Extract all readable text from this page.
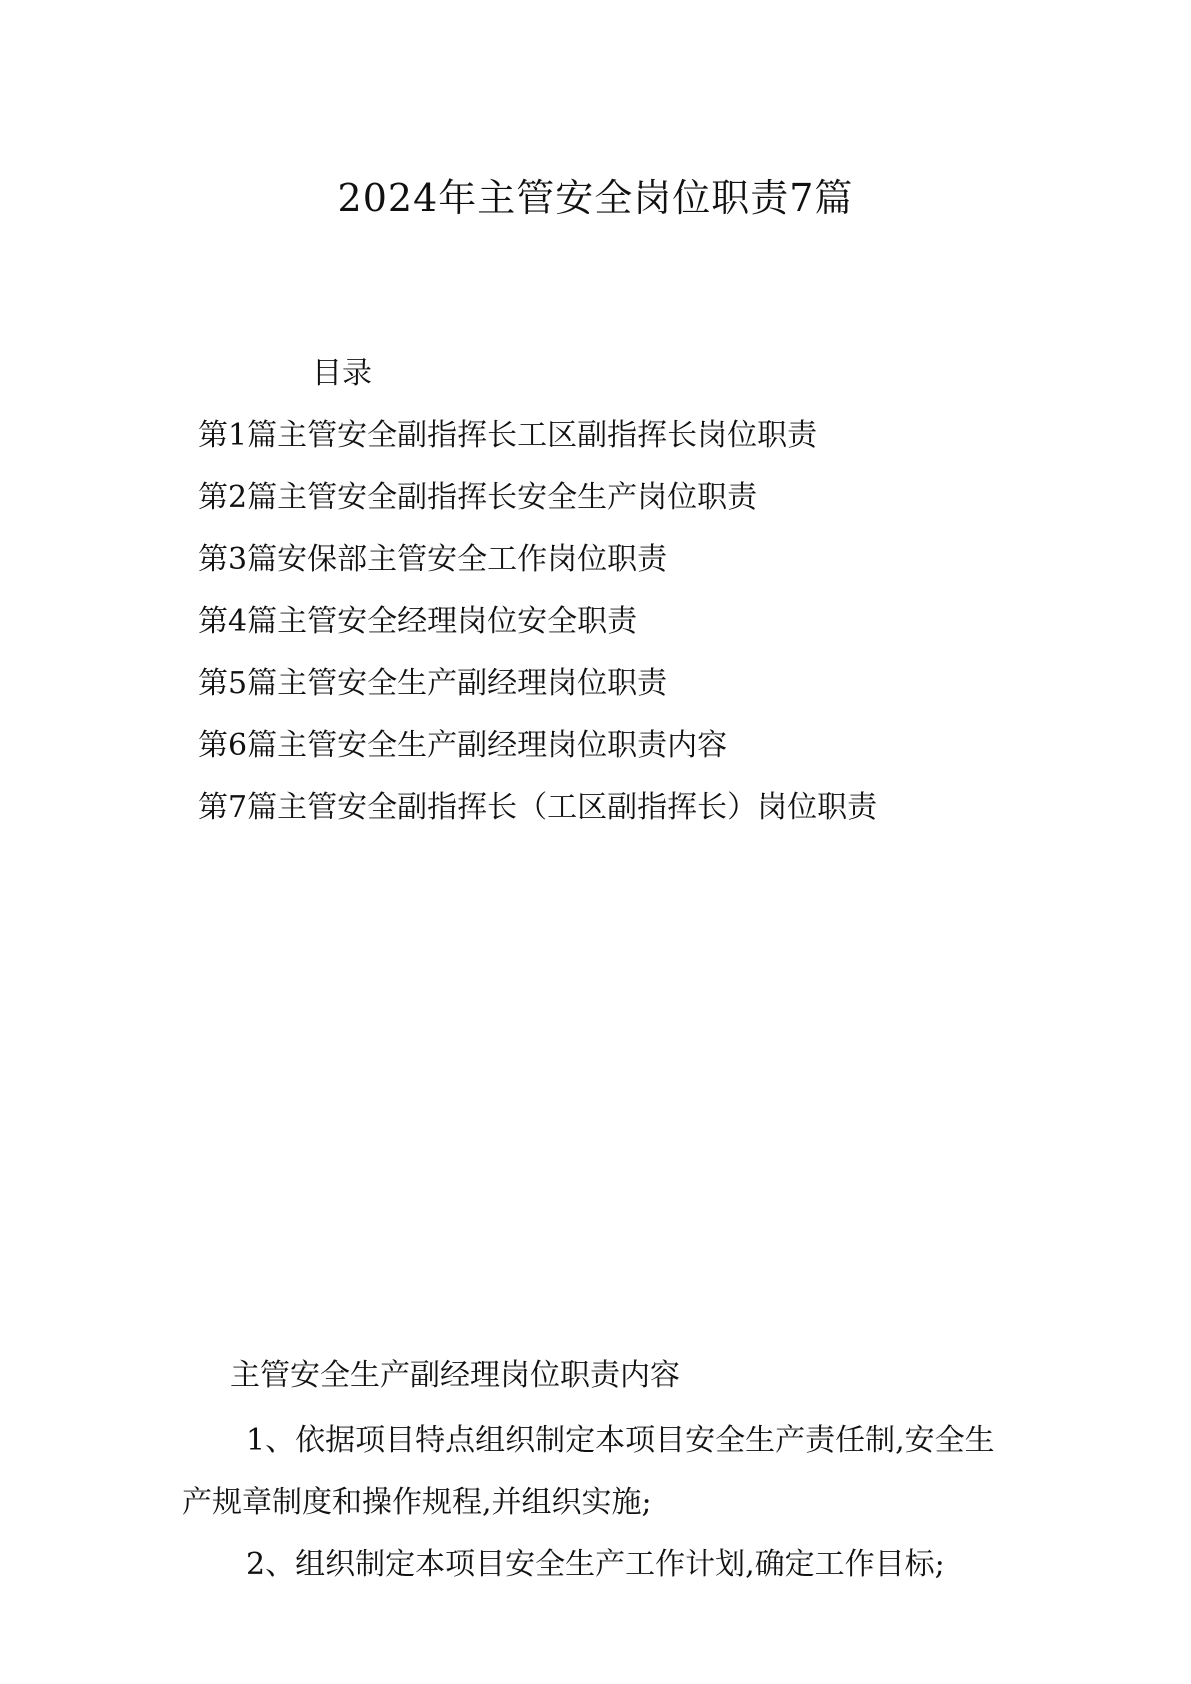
2024年主管安全岗位职责7篇
目录
第1篇主管安全副指挥长工区副指挥长岗位职责
第2篇主管安全副指挥长安全生产岗位职责
第3篇安保部主管安全工作岗位职责
第4篇主管安全经理岗位安全职责
第5篇主管安全生产副经理岗位职责
第6篇主管安全生产副经理岗位职责内容
第7篇主管安全副指挥长（工区副指挥长）岗位职责
主管安全生产副经理岗位职责内容

1、依据项目特点组织制定本项目安全生产责任制,安全生产规章制度和操作规程,并组织实施;

2、组织制定本项目安全生产工作计划,确定工作目标;
